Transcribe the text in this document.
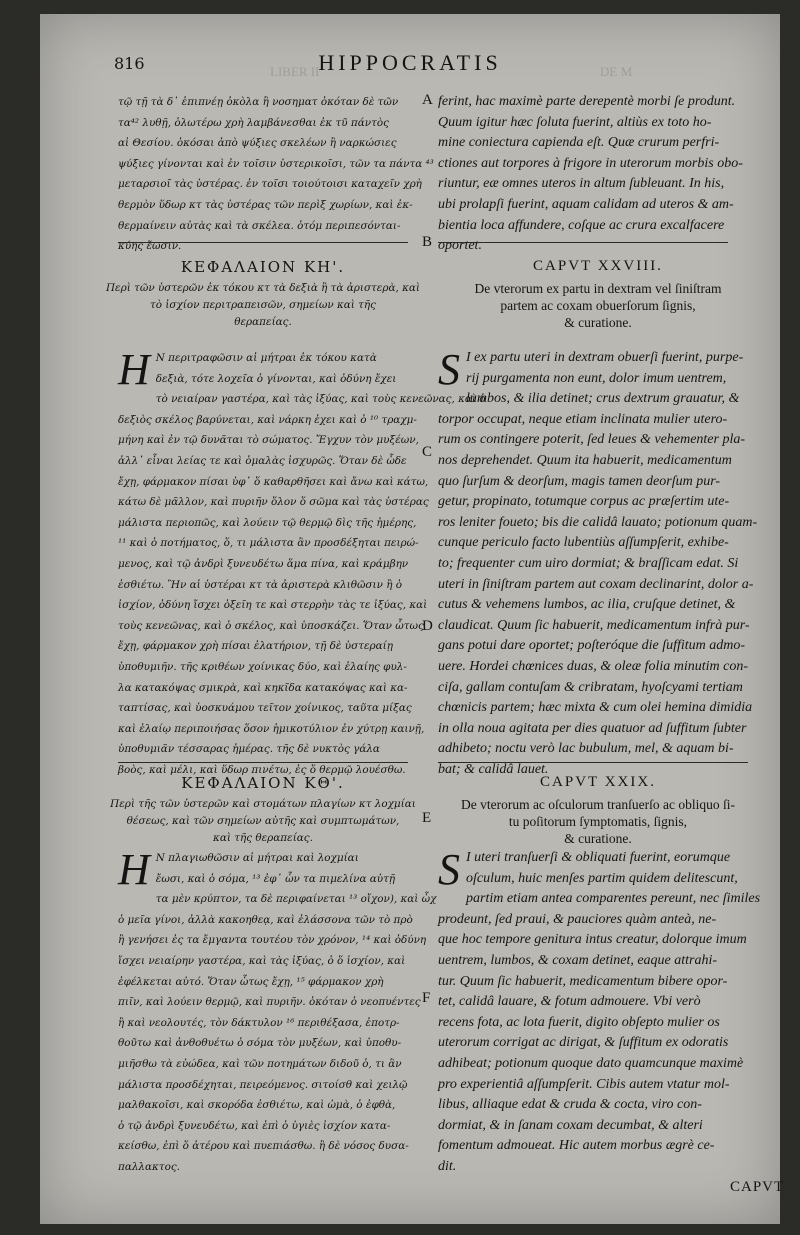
DE M
LIBER II
816	HIPPOCRATIS
τῷ τῇ τὰ δ᾽ ἐπιπνέῃ ὀκὸλα ἢ νοσηματ ὁκόταν δὲ τῶν
τα⁴² λυθῇ, ὁλωτέρω χρὴ λαμβάνεσθαι ἐκ τῦ πάντὸς
αἰ Θεσίου. ὁκόσαι ἀπὸ ψύξιες σκελέων ἢ ναρκώσιες
ψύξιες γίνονται καὶ ἐν τοῖσιν ὑστερικοῖσι, τῶν τα πάντα ⁴³
μεταρσιοῖ τὰς ὑστέρας. ἐν τοῖσι τοιούτοισι καταχεῖν χρὴ
θερμὸν ὕδωρ κτ τὰς ὑστέρας τῶν περὶξ χωρίων, καὶ ἐκ-
θερμαίνειν αὐτὰς καὶ τὰ σκέλεα. ὁτόμ περιπεσόνται-
κύης ἔωσιν.
A ferint, hac maximè parte derepentè morbi ſe produnt.
Quum igitur hæc ſoluta fuerint, altiùs ex toto ho-
mine coniectura capienda eſt. Quæ crurum perfri-
ctiones aut torpores à frigore in uterorum morbis obo-
riuntur, eæ omnes uteros in altum ſubleuant. In his,
ubi prolapſi fuerint, aquam calidam ad uteros & am-
bientia loca affundere, coſque ac crura excalfacere
oportet.
B
ΚΕΦΑΛΑΙΟΝ ΚΗ'.
Περὶ τῶν ὑστερῶν ἐκ τόκου κτ τὰ δεξιὰ ἢ τὰ ἀριστερὰ, καὶ
τὸ ἰσχίον περιτραπεισῶν, σημείων καὶ τῆς
θεραπείας.
CAPVT XXVIII.
De vterorum ex partu in dextram vel ſiniſtram
partem ac coxam obuerſorum ſignis,
& curatione.
H Ν περιτραφῶσιν αἱ μήτραι ἐκ τόκου κατὰ
δεξιὰ, τότε λοχεῖα ὁ γίνονται, καὶ ὀδύνη ἔχει
τὸ νειαίραν γαστέρα, καὶ τὰς ἰξύας, καὶ τοὺς κενεῶνας, καὶ ὁ
δεξιὸς σκέλος βαρύνεται, καὶ νάρκη ἐχει καὶ ὁ ¹⁰ τραχμ-
μήνη καὶ ἐν τῷ δυνᾶται τὸ σώματος. Ἔγχυν τὸν μυξέων,
ἀλλ᾽ εἶναι λείας τε καὶ ὁμαλὰς ἰσχυρῶς. Ὅταν δὲ ὧδε
ἔχῃ, φάρμακον πίσαι ὑφ᾽ ὅ καθαρθῆσει καὶ ἄνω καὶ κάτω,
κάτω δὲ μᾶλλον, καὶ πυριῆν ὅλον ὅ σῶμα καὶ τὰς ὑστέρας
μάλιστα περιοπῶς, καὶ λούειν τῷ θερμῷ δὶς τῆς ἡμέρης,
¹¹ καὶ ὁ ποτήματος, ὅ, τι μάλιστα ἂν προσδέξηται πειρώ-
μενος, καὶ τῷ ἀνδρὶ ξυνευδέτω ἅμα πίνα, καὶ κράμβην
ἐσθιέτω. Ἢν αἱ ὑστέραι κτ τὰ ἀριστερὰ κλιθῶσιν ἢ ὁ
ἰσχίον, ὀδύνη ἴσχει ὀξεῖη τε καὶ στερρὴν τὰς τε ἰξύας, καὶ
τοὺς κενεῶνας, καὶ ὁ σκέλος, καὶ ὑποσκάζει. Ὅταν ὧτως
ἔχῃ, φάρμακον χρὴ πίσαι ἐλατήριον, τῇ δὲ ὑστεραίῃ
ὑποθυμιῆν. τῆς κριθέων χοίνικας δύο, καὶ ἐλαίης φυλ-
λα κατακόψας σμικρὰ, καὶ κηκῖδα κατακόψας καὶ κα-
ταπτίσας, καὶ ὑοσκυάμου τεῖτον χοίνικος, ταῦτα μίξας
καὶ ἐλαίῳ περιποιήσας ὅσον ἡμικοτύλιον ἐν χύτρῃ καινῇ,
ὑποθυμιᾶν τέσσαρας ἡμέρας. τῆς δὲ νυκτὸς γάλα
βοὸς, καὶ μέλι, καὶ ὕδωρ πινέτω, ἐς ὅ θερμῷ λουέσθω.
C
D
S I ex partu uteri in dextram obuerſi fuerint, purpe-
rij purgamenta non eunt, dolor imum uentrem,
lumbos, & ilia detinet; crus dextrum grauatur, &
torpor occupat, neque etiam inclinata mulier utero-
rum os contingere poterit, ſed leues & vehementer pla-
nos deprehendet. Quum ita habuerit, medicamentum
quo ſurſum & deorſum, magis tamen deorſum pur-
getur, propinato, totumque corpus ac præſertim ute-
ros leniter foueto; bis die calidâ lauato; potionum quam-
cunque periculo facto lubentiùs aſſumpſerit, exhibe-
to; frequenter cum uiro dormiat; & braſſicam edat. Si
uteri in ſiniſtram partem aut coxam declinarint, dolor a-
cutus & vehemens lumbos, ac ilia, cruſque detinet, &
claudicat. Quum ſic habuerit, medicamentum infrà pur-
gans potui dare oportet; poſteróque die ſuffitum admo-
uere. Hordei chœnices duas, & oleæ folia minutim con-
ciſa, gallam contuſam & cribratam, hyoſcyami tertiam
chœnicis partem; hæc mixta & cum olei hemina dimidia
in olla noua agitata per dies quatuor ad ſuffitum ſubter
adhibeto; noctu verò lac bubulum, mel, & aquam bi-
bat; & calidâ lauet.
ΚΕΦΑΛΑΙΟΝ ΚΘ'.
Περὶ τῆς τῶν ὑστερῶν καὶ στομάτων πλαγίων κτ λοχμίαι
θέσεως, καὶ τῶν σημείων αὐτῆς καὶ συμπτωμάτων,
καὶ τῆς θεραπείας.
E
CAPVT XXIX.
De vterorum ac oſculorum tranſuerſo ac obliquo ſi-
tu poſitorum ſymptomatis, ſignis,
& curatione.
H Ν πλαγιωθῶσιν αἱ μήτραι καὶ λοχμίαι
ἔωσι, καὶ ὁ σόμα, ¹³ ἐφ᾽ ὧν τα πιμελίνα αὐτῇ
τα μὲν κρύπτον, τα δὲ περιφαίνεται ¹³ οἴχον), καὶ ὧχ
ὁ μεῖα γίνοι, ἀλλὰ κακοηθεᾳ, καὶ ἐλάσσονα τῶν τὸ πρὸ
ἢ γενήσει ἐς τα ἔμγαντα τουτέου τὸν χρόνον, ¹⁴ καὶ ὀδύνη
ἴσχει νειαίρην γαστέρα, καὶ τὰς ἰξύας, ὁ ὅ ἰσχίον, καὶ
ἐφέλκεται αὐτό. Ὅταν ὧτως ἔχῃ, ¹⁵ φάρμακον χρὴ
πιῖν, καὶ λούειν θερμῷ, καὶ πυριῆν. ὁκόταν ὁ νεοπυέντες
ἢ καὶ νεολουτές, τὸν δάκτυλον ¹⁶ περιθέξασα, ἐποτρ-
θοῦτω καὶ ἀνθοθυέτω ὁ σόμα τὸν μυξέων, καὶ ὑποθυ-
μιῆσθω τὰ εὐώδεα, καὶ τῶν ποτημάτων διδοῦ ὁ, τι ἂν
μάλιστα προσδέχηται, πειρεόμενος. σιτοίσθ καὶ χειλῷ
μαλθακοῖσι, καὶ σκορόδα ἐσθιέτω, καὶ ὠμὰ, ὁ ἐφθὰ,
ὁ τῷ ἀνδρὶ ξυνευδέτω, καὶ ἐπὶ ὁ ὑγιὲς ἰσχίον κατα-
κείσθω, ἐπὶ ὅ ἀτέρου καὶ πυεπιάσθω. ἢ δὲ νόσος δυσα-
παλλακτος.
F
S I uteri tranſuerſi & obliquati fuerint, eorumque
oſculum, huic menſes partim quidem delitescunt,
partim etiam antea comparentes pereunt, nec ſimiles
prodeunt, ſed praui, & pauciores quàm anteà, ne-
que hoc tempore genitura intus creatur, dolorque imum
uentrem, lumbos, & coxam detinet, eaque attrahi-
tur. Quum ſic habuerit, medicamentum bibere opor-
tet, calidâ lauare, & fotum admouere. Vbi verò
recens fota, ac lota fuerit, digito obſepto mulier os
uterorum corrigat ac dirigat, & ſuffitum ex odoratis
adhibeat; potionum quoque dato quamcunque maximè
pro experientiâ aſſumpſerit. Cibis autem vtatur mol-
libus, alliaque edat & cruda & cocta, viro con-
dormiat, & in ſanam coxam decumbat, & alteri
fomentum admoueat. Hic autem morbus ægrè ce-
dit.
CAPVT
